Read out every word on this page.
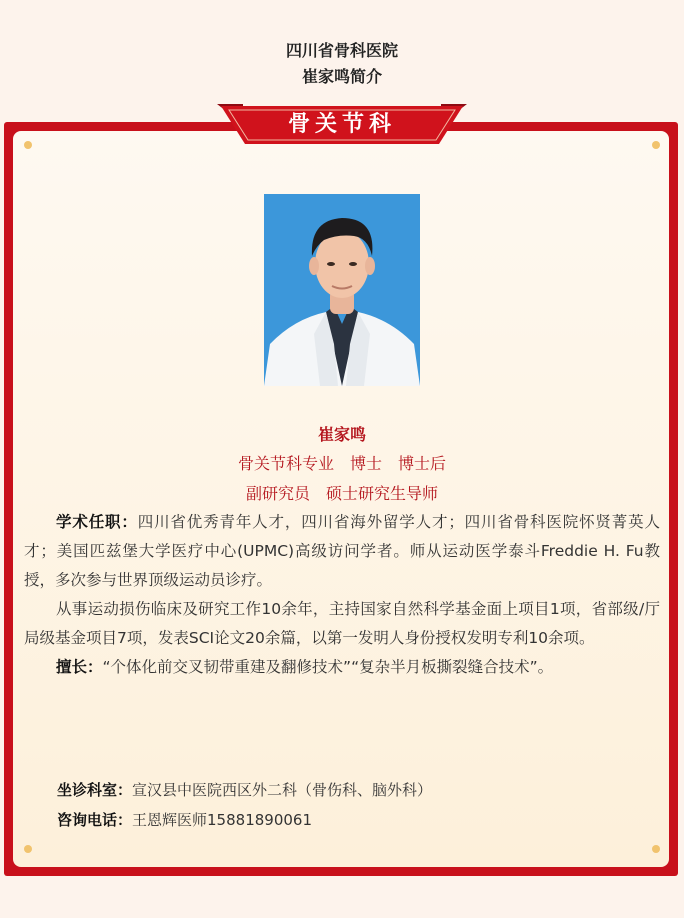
四川省骨科医院
崔家鸣简介
骨关节科
崔家鸣
骨关节科专业　博士　博士后
副研究员　硕士研究生导师

学术任职：四川省优秀青年人才，四川省海外留学人才；四川省骨科医院怀贤菁英人才；美国匹兹堡大学医疗中心(UPMC)高级访问学者。师从运动医学泰斗Freddie H. Fu教授，多次参与世界顶级运动员诊疗。

从事运动损伤临床及研究工作10余年，主持国家自然科学基金面上项目1项，省部级/厅局级基金项目7项，发表SCI论文20余篇，以第一发明人身份授权发明专利10余项。

擅长：“个体化前交叉韧带重建及翻修技术”“复杂半月板撕裂缝合技术”。

坐诊科室：宣汉县中医院西区外二科（骨伤科、脑外科）
咨询电话：王恩辉医师15881890061
